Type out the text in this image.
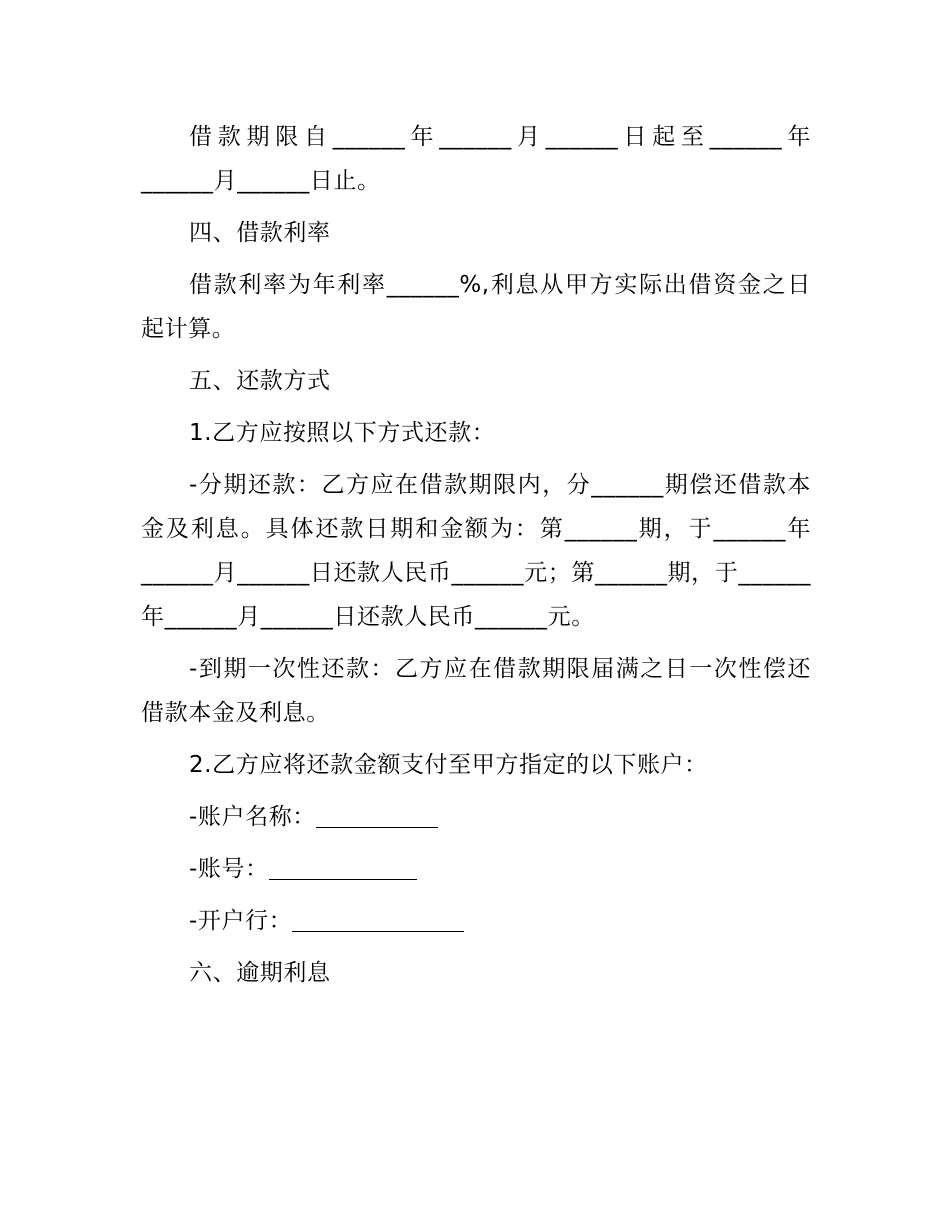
借款期限自______年______月______日起至______年______月______日止。

四、借款利率

借款利率为年利率______%,利息从甲方实际出借资金之日起计算。

五、还款方式

1.乙方应按照以下方式还款：

-分期还款：乙方应在借款期限内，分______期偿还借款本金及利息。具体还款日期和金额为：第______期，于______年______月______日还款人民币______元；第______期，于______年______月______日还款人民币______元。

-到期一次性还款：乙方应在借款期限届满之日一次性偿还借款本金及利息。

2.乙方应将还款金额支付至甲方指定的以下账户：

-账户名称：

-账号：

-开户行：

六、逾期利息
